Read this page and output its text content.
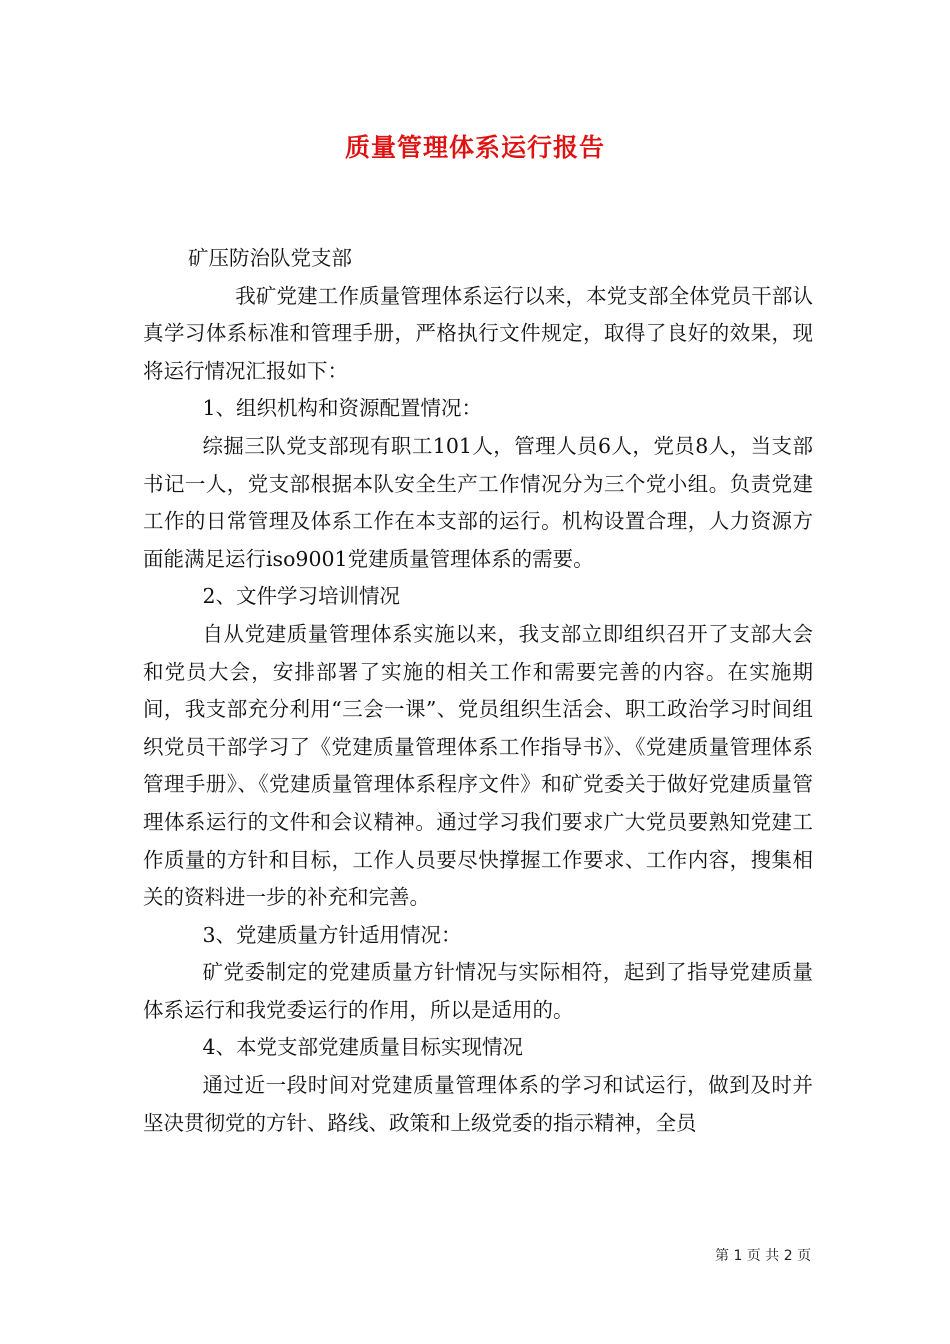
质量管理体系运行报告

矿压防治队党支部

我矿党建工作质量管理体系运行以来，本党支部全体党员干部认真学习体系标准和管理手册，严格执行文件规定，取得了良好的效果，现将运行情况汇报如下：

1、组织机构和资源配置情况：

综掘三队党支部现有职工101人，管理人员6人，党员8人，当支部书记一人，党支部根据本队安全生产工作情况分为三个党小组。负责党建工作的日常管理及体系工作在本支部的运行。机构设置合理，人力资源方面能满足运行iso9001党建质量管理体系的需要。

2、文件学习培训情况

自从党建质量管理体系实施以来，我支部立即组织召开了支部大会和党员大会，安排部署了实施的相关工作和需要完善的内容。在实施期间，我支部充分利用“三会一课”、党员组织生活会、职工政治学习时间组织党员干部学习了《党建质量管理体系工作指导书》、《党建质量管理体系管理手册》、《党建质量管理体系程序文件》和矿党委关于做好党建质量管理体系运行的文件和会议精神。通过学习我们要求广大党员要熟知党建工作质量的方针和目标，工作人员要尽快撑握工作要求、工作内容，搜集相关的资料进一步的补充和完善。

3、党建质量方针适用情况：

矿党委制定的党建质量方针情况与实际相符，起到了指导党建质量体系运行和我党委运行的作用，所以是适用的。

4、本党支部党建质量目标实现情况

通过近一段时间对党建质量管理体系的学习和试运行，做到及时并坚决贯彻党的方针、路线、政策和上级党委的指示精神，全员

第 1 页 共 2 页
